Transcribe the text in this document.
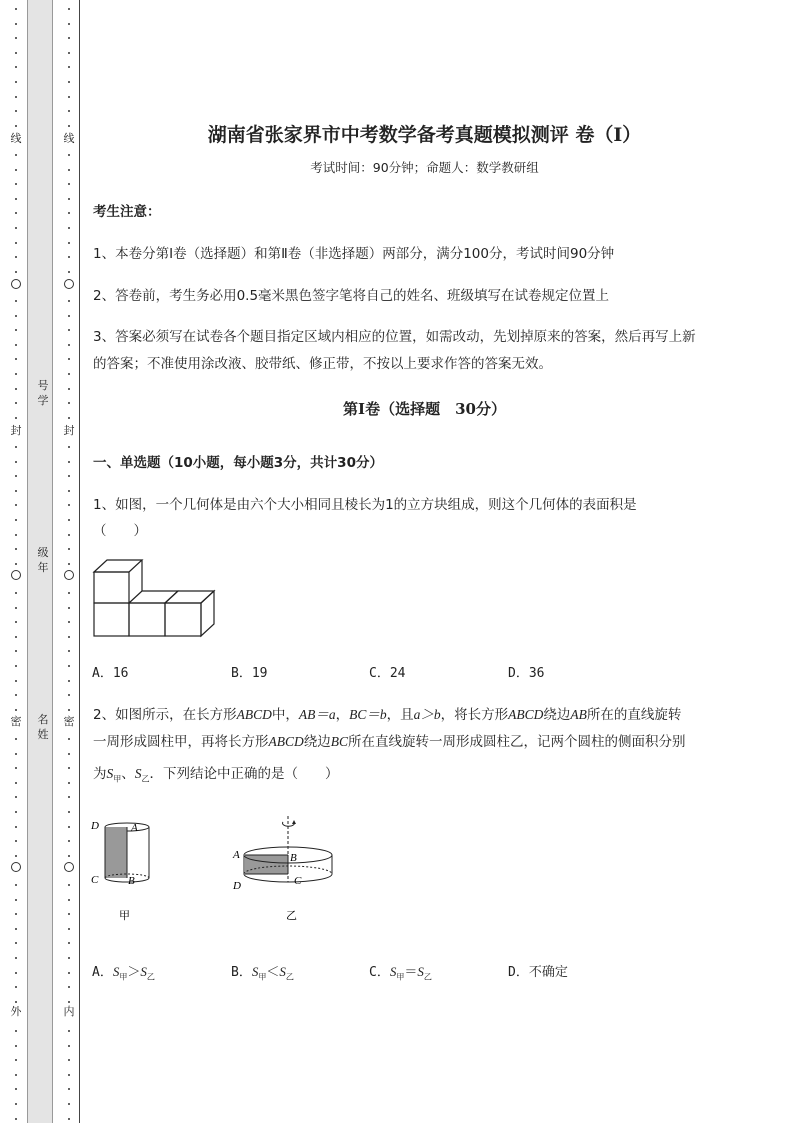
线
封
密
外
线
封
密
内
号学
级年
名姓

湖南省张家界市中考数学备考真题模拟测评 卷（Ⅰ）

考试时间：90分钟；命题人：数学教研组

考生注意：

1、本卷分第Ⅰ卷（选择题）和第Ⅱ卷（非选择题）两部分，满分100分，考试时间90分钟

2、答卷前，考生务必用0.5毫米黑色签字笔将自己的姓名、班级填写在试卷规定位置上

3、答案必须写在试卷各个题目指定区域内相应的位置，如需改动，先划掉原来的答案，然后再写上新

的答案；不准使用涂改液、胶带纸、修正带，不按以上要求作答的答案无效。

第Ⅰ卷（选择题　30分）

一、单选题（10小题，每小题3分，共计30分）

1、如图，一个几何体是由六个大小相同且棱长为1的立方块组成，则这个几何体的表面积是

（　　）

A．16	B．19	C．24	D．36

2、如图所示，在长方形ABCD中，AB＝a，BC＝b，且a＞b，将长方形ABCD绕边AB所在的直线旋转

一周形成圆柱甲，再将长方形ABCD绕边BC所在直线旋转一周形成圆柱乙，记两个圆柱的侧面积分别

为$S_甲$、$S_乙$．下列结论中正确的是（　　）

D	A
C	B
甲
A	B
D	C
乙

A．$S_甲>S_乙$	B．$S_甲<S_乙$	C．$S_甲=S_乙$	D．不确定
